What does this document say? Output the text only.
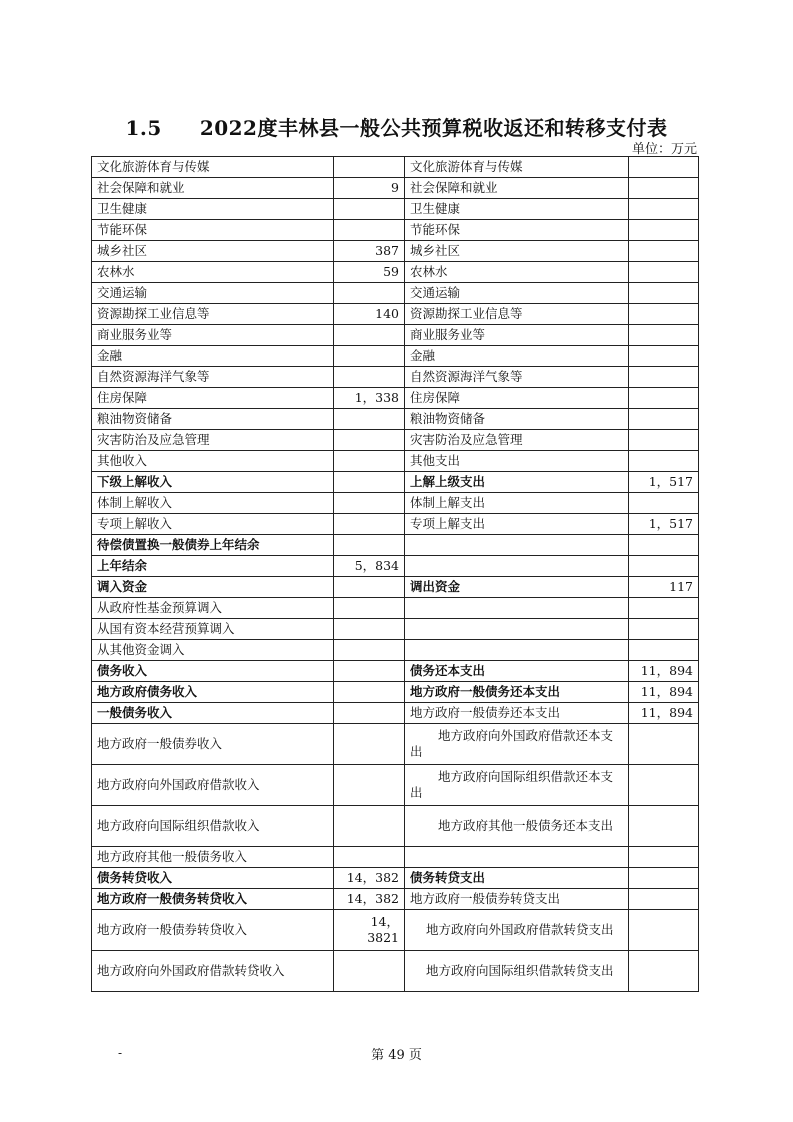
1.5 2022度丰林县一般公共预算税收返还和转移支付表
单位：万元
文化旅游体育与传媒		文化旅游体育与传媒	
社会保障和就业	9	社会保障和就业	
卫生健康		卫生健康	
节能环保		节能环保	
城乡社区	387	城乡社区	
农林水	59	农林水	
交通运输		交通运输	
资源勘探工业信息等	140	资源勘探工业信息等	
商业服务业等		商业服务业等	
金融		金融	
自然资源海洋气象等		自然资源海洋气象等	
住房保障	1，338	住房保障	
粮油物资储备		粮油物资储备	
灾害防治及应急管理		灾害防治及应急管理	
其他收入		其他支出	
下级上解收入		上解上级支出	1，517
体制上解收入		体制上解支出	
专项上解收入		专项上解支出	1，517
待偿债置换一般债券上年结余			
上年结余	5，834		
调入资金		调出资金	117
从政府性基金预算调入			
从国有资本经营预算调入			
从其他资金调入			
债务收入		债务还本支出	11，894
地方政府债务收入		地方政府一般债务还本支出	11，894
一般债务收入		地方政府一般债券还本支出	11，894
地方政府一般债券收入		地方政府向外国政府借款还本支出	
地方政府向外国政府借款收入		地方政府向国际组织借款还本支出	
地方政府向国际组织借款收入		地方政府其他一般债务还本支出	
地方政府其他一般债务收入			
债务转贷收入	14，382	债务转贷支出	
地方政府一般债务转贷收入	14，382	地方政府一般债券转贷支出	
地方政府一般债券转贷收入	14，3821	地方政府向外国政府借款转贷支出	
地方政府向外国政府借款转贷收入		地方政府向国际组织借款转贷支出	
-	第 49 页
